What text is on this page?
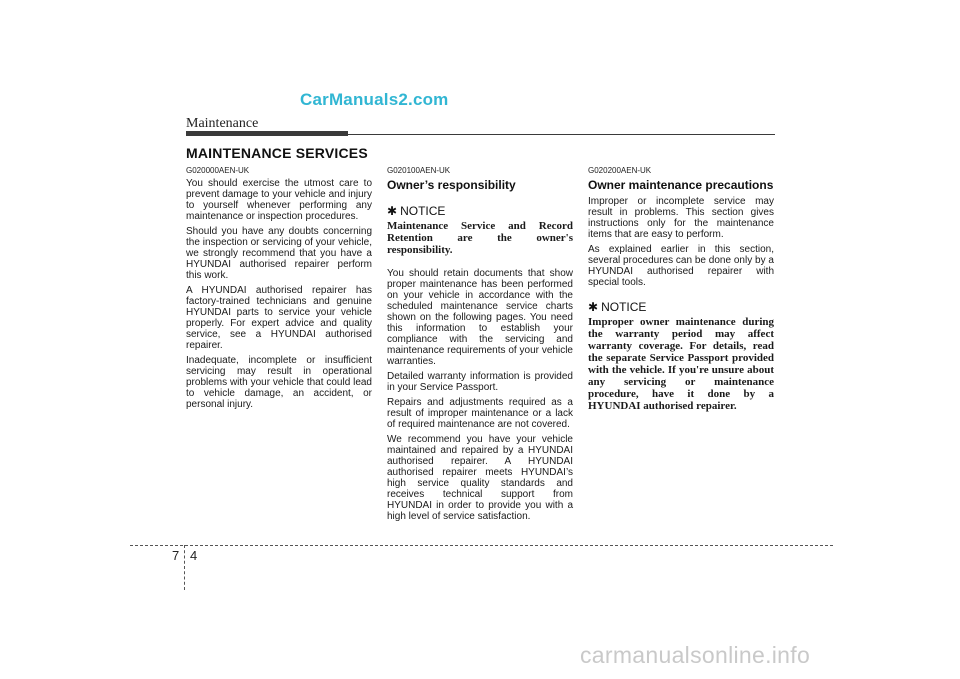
CarManuals2.com
Maintenance
MAINTENANCE SERVICES
G020000AEN-UK

You should exercise the utmost care to prevent damage to your vehicle and injury to yourself whenever performing any maintenance or inspection procedures.

Should you have any doubts concerning the inspection or servicing of your vehicle, we strongly recommend that you have a HYUNDAI authorised repairer perform this work.

A HYUNDAI authorised repairer has factory-trained technicians and genuine HYUNDAI parts to service your vehicle properly. For expert advice and quality service, see a HYUNDAI authorised repairer.

Inadequate, incomplete or insufficient servicing may result in operational problems with your vehicle that could lead to vehicle damage, an accident, or personal injury.

G020100AEN-UK
Owner’s responsibility
✱ NOTICE

Maintenance Service and Record Retention are the owner's responsibility.

You should retain documents that show proper maintenance has been performed on your vehicle in accordance with the scheduled maintenance service charts shown on the following pages. You need this information to establish your compliance with the servicing and maintenance requirements of your vehicle warranties.

Detailed warranty information is provided in your Service Passport.

Repairs and adjustments required as a result of improper maintenance or a lack of required maintenance are not covered.

We recommend you have your vehicle maintained and repaired by a HYUNDAI authorised repairer. A HYUNDAI authorised repairer meets HYUNDAI’s high service quality standards and receives technical support from HYUNDAI in order to provide you with a high level of service satisfaction.

G020200AEN-UK
Owner maintenance precautions

Improper or incomplete service may result in problems. This section gives instructions only for the maintenance items that are easy to perform.

As explained earlier in this section, several procedures can be done only by a HYUNDAI authorised repairer with special tools.

✱ NOTICE

Improper owner maintenance during the warranty period may affect warranty coverage. For details, read the separate Service Passport provided with the vehicle. If you're unsure about any servicing or maintenance procedure, have it done by a HYUNDAI authorised repairer.

7 4
carmanualsonline.info
